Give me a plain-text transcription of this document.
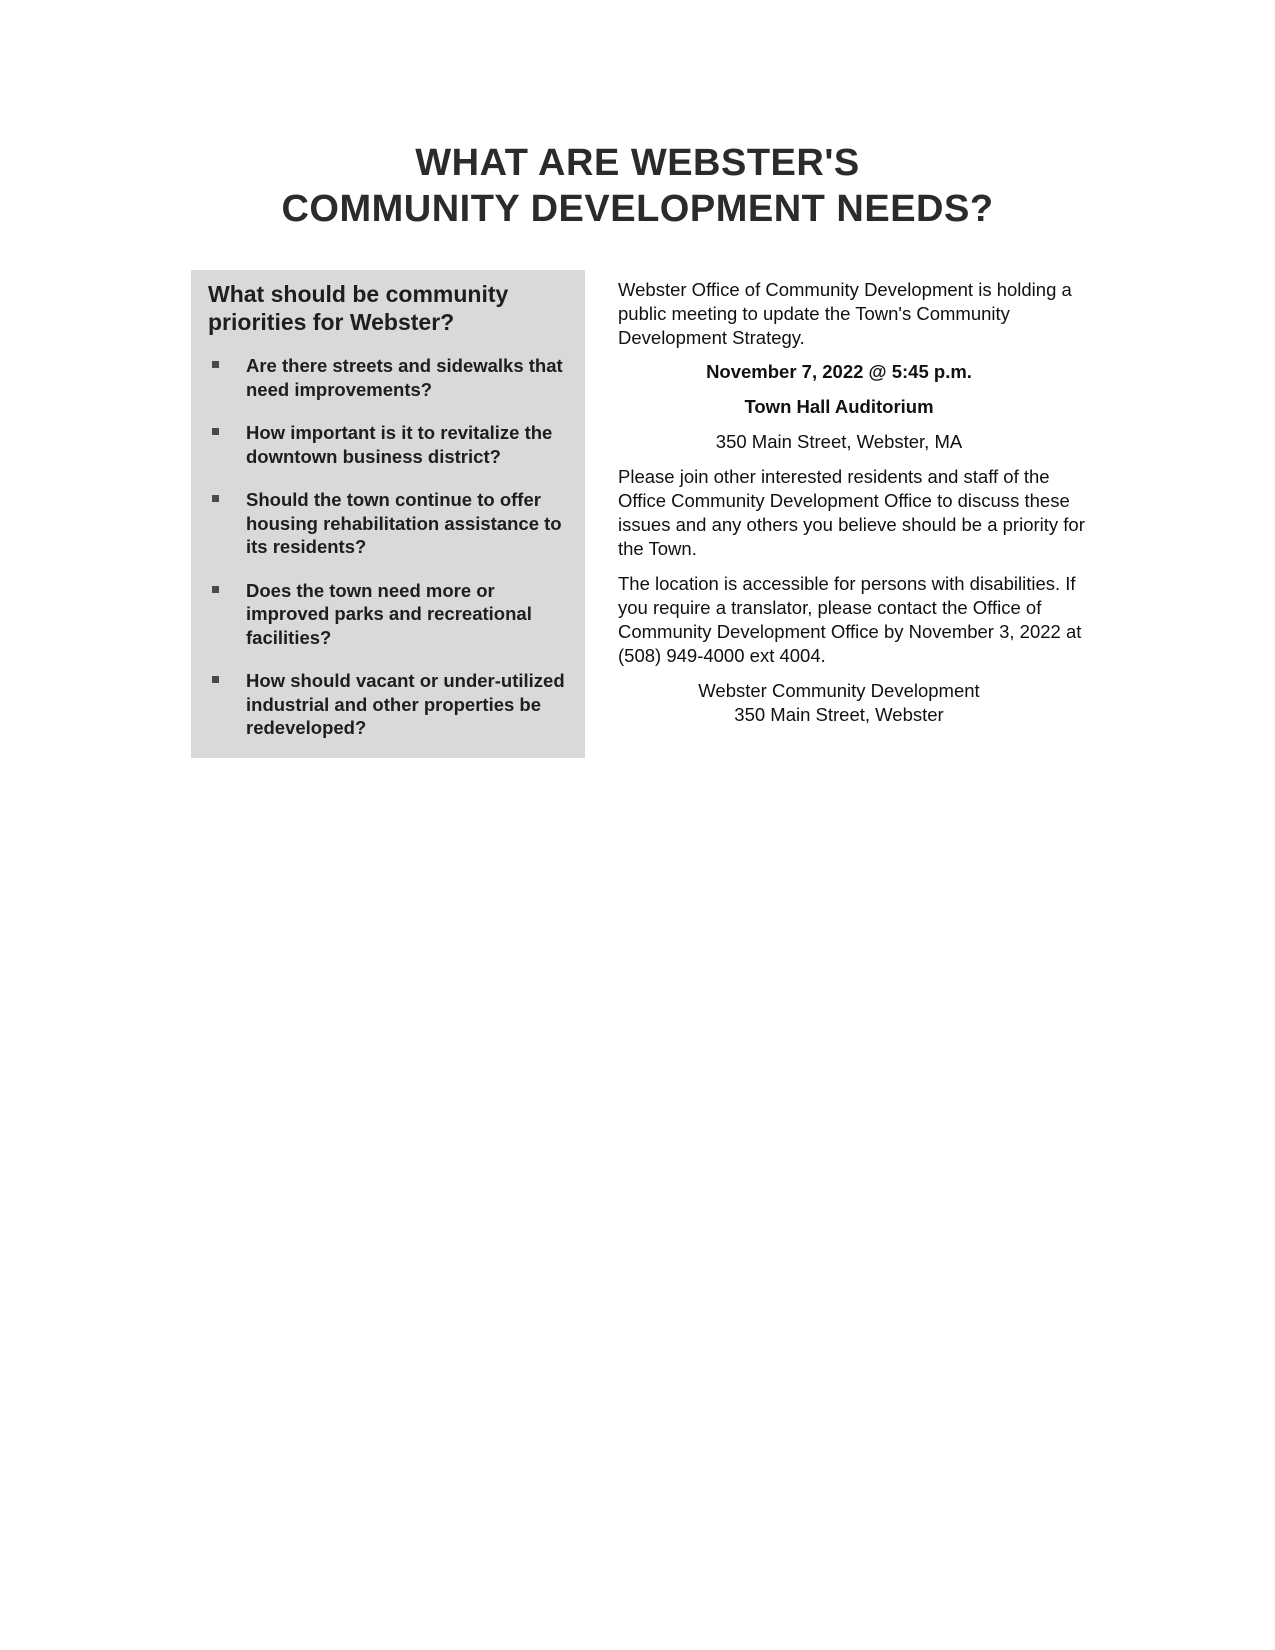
WHAT ARE WEBSTER'S
COMMUNITY DEVELOPMENT NEEDS?
What should be community priorities for Webster?
Are there streets and sidewalks that need improvements?
How important is it to revitalize the downtown business district?
Should the town continue to offer housing rehabilitation assistance to its residents?
Does the town need more or improved parks and recreational facilities?
How should vacant or under-utilized industrial and other properties be redeveloped?

Webster Office of Community Development is holding a public meeting to update the Town's Community Development Strategy.

November 7, 2022 @ 5:45 p.m.

Town Hall Auditorium

350 Main Street, Webster, MA

Please join other interested residents and staff of the Office Community Development Office to discuss these issues and any others you believe should be a priority for the Town.

The location is accessible for persons with disabilities. If you require a translator, please contact the Office of Community Development Office by November 3, 2022 at (508) 949-4000 ext 4004.

Webster Community Development
350 Main Street, Webster
